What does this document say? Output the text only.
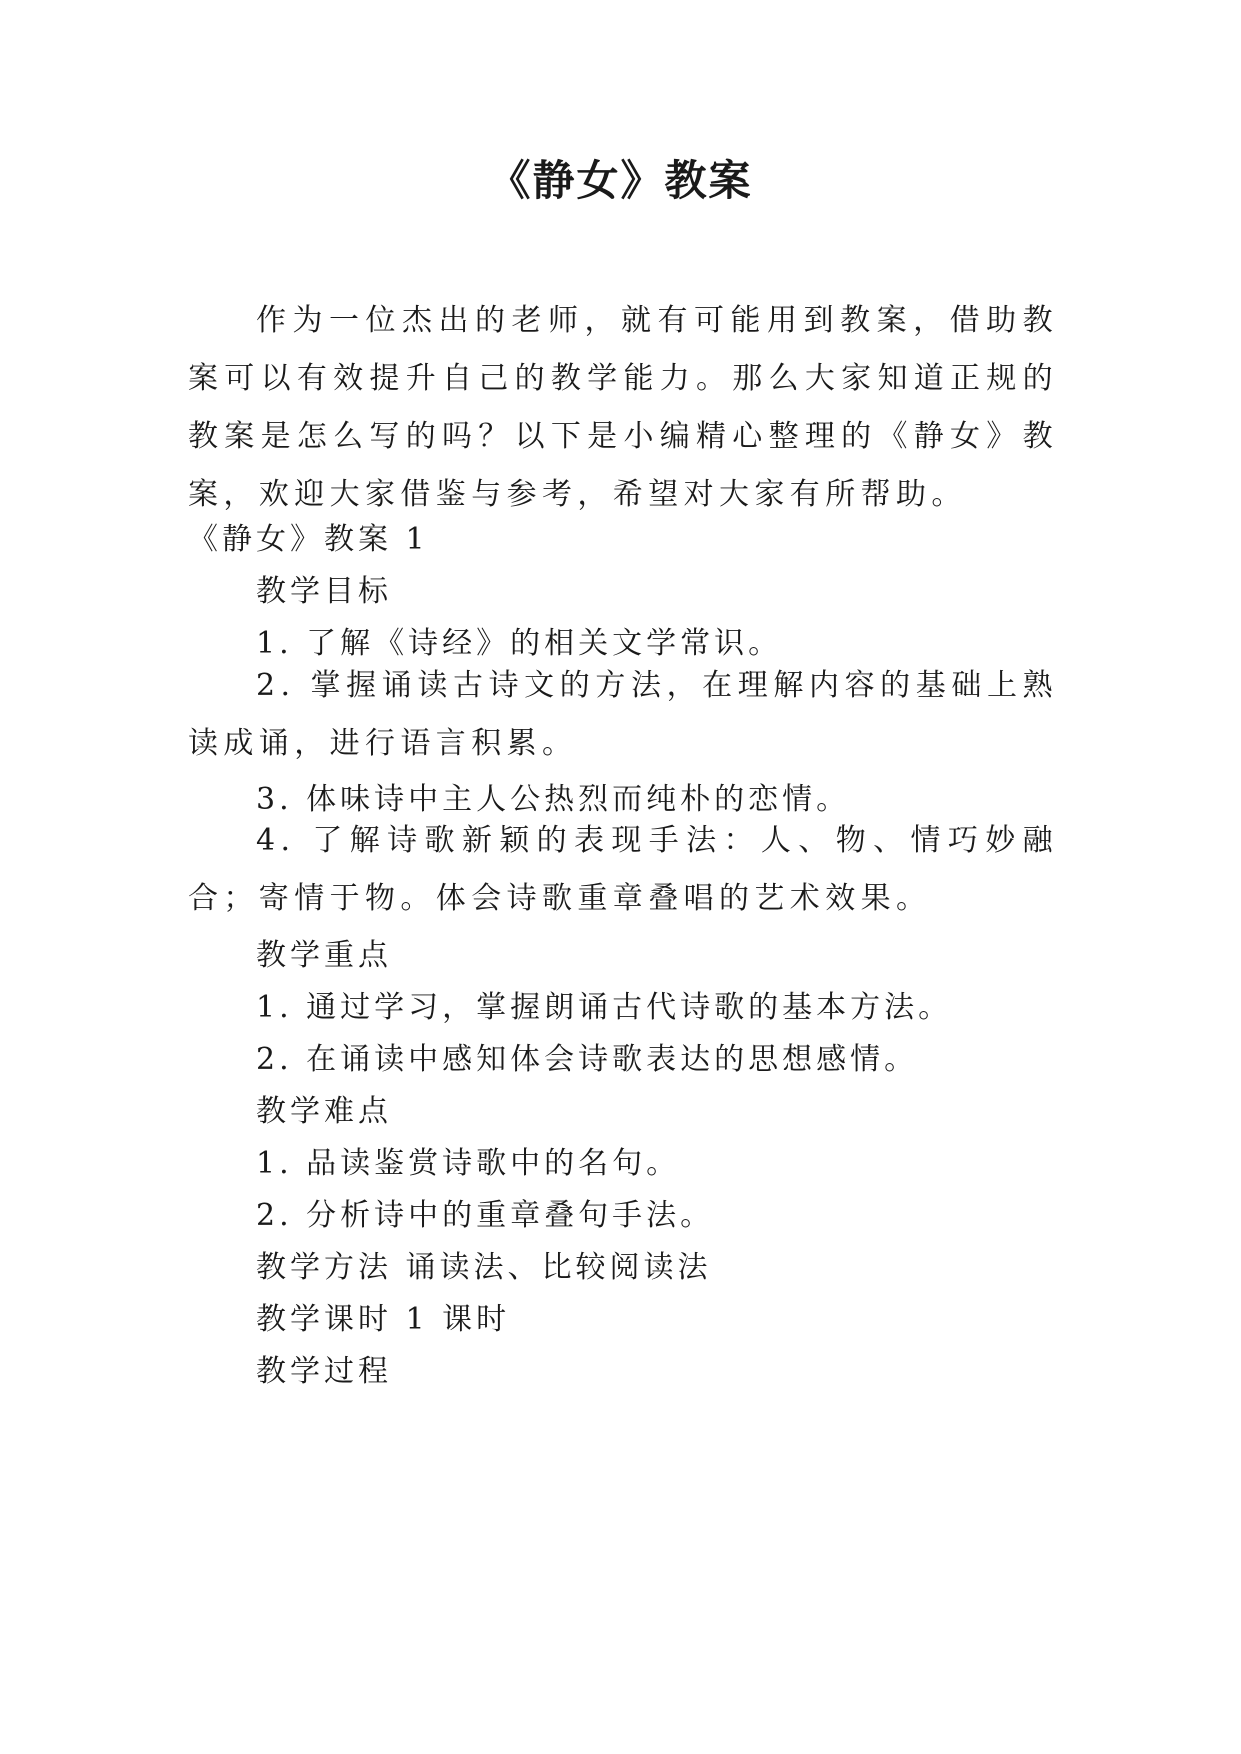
《静女》教案

作为一位杰出的老师，就有可能用到教案，借助教案可以有效提升自己的教学能力。那么大家知道正规的教案是怎么写的吗？以下是小编精心整理的《静女》教案，欢迎大家借鉴与参考，希望对大家有所帮助。

《静女》教案 1

教学目标

1. 了解《诗经》的相关文学常识。

2. 掌握诵读古诗文的方法，在理解内容的基础上熟读成诵，进行语言积累。

3. 体味诗中主人公热烈而纯朴的恋情。

4. 了解诗歌新颖的表现手法：人、物、情巧妙融合；寄情于物。体会诗歌重章叠唱的艺术效果。

教学重点

1. 通过学习，掌握朗诵古代诗歌的基本方法。

2. 在诵读中感知体会诗歌表达的思想感情。

教学难点

1. 品读鉴赏诗歌中的名句。

2. 分析诗中的重章叠句手法。

教学方法 诵读法、比较阅读法

教学课时 1 课时

教学过程
